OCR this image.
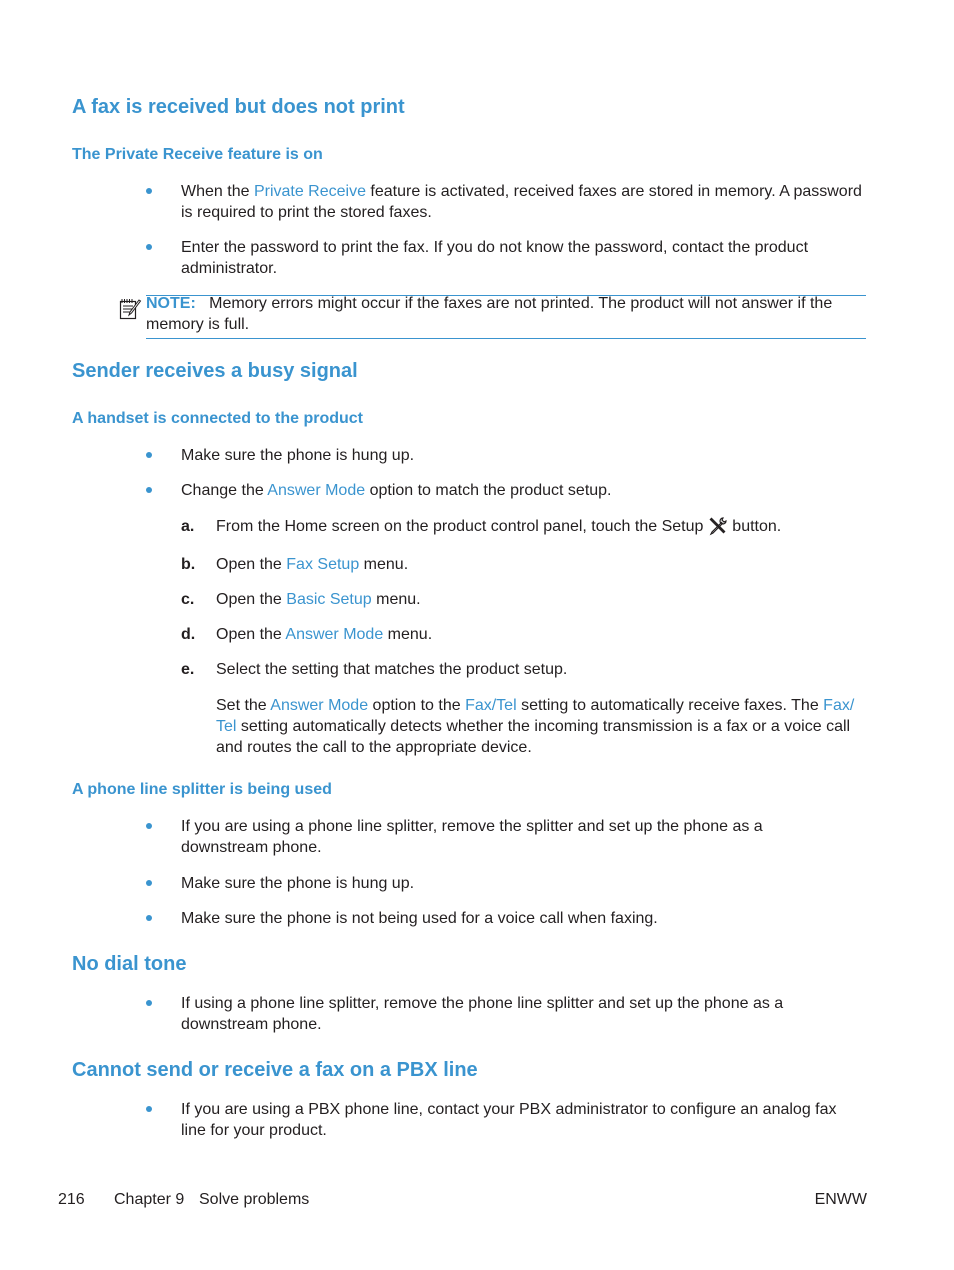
A fax is received but does not print
The Private Receive feature is on
When the Private Receive feature is activated, received faxes are stored in memory. A password is required to print the stored faxes.
Enter the password to print the fax. If you do not know the password, contact the product administrator.
NOTE: Memory errors might occur if the faxes are not printed. The product will not answer if the memory is full.
Sender receives a busy signal
A handset is connected to the product
Make sure the phone is hung up.
Change the Answer Mode option to match the product setup.
a. From the Home screen on the product control panel, touch the Setup  button.
b. Open the Fax Setup menu.
c. Open the Basic Setup menu.
d. Open the Answer Mode menu.
e. Select the setting that matches the product setup.
Set the Answer Mode option to the Fax/Tel setting to automatically receive faxes. The Fax/
Tel setting automatically detects whether the incoming transmission is a fax or a voice call and routes the call to the appropriate device.
A phone line splitter is being used
If you are using a phone line splitter, remove the splitter and set up the phone as a downstream phone.
Make sure the phone is hung up.
Make sure the phone is not being used for a voice call when faxing.
No dial tone
If using a phone line splitter, remove the phone line splitter and set up the phone as a downstream phone.
Cannot send or receive a fax on a PBX line
If you are using a PBX phone line, contact your PBX administrator to configure an analog fax line for your product.
216 Chapter 9 Solve problems	ENWW
